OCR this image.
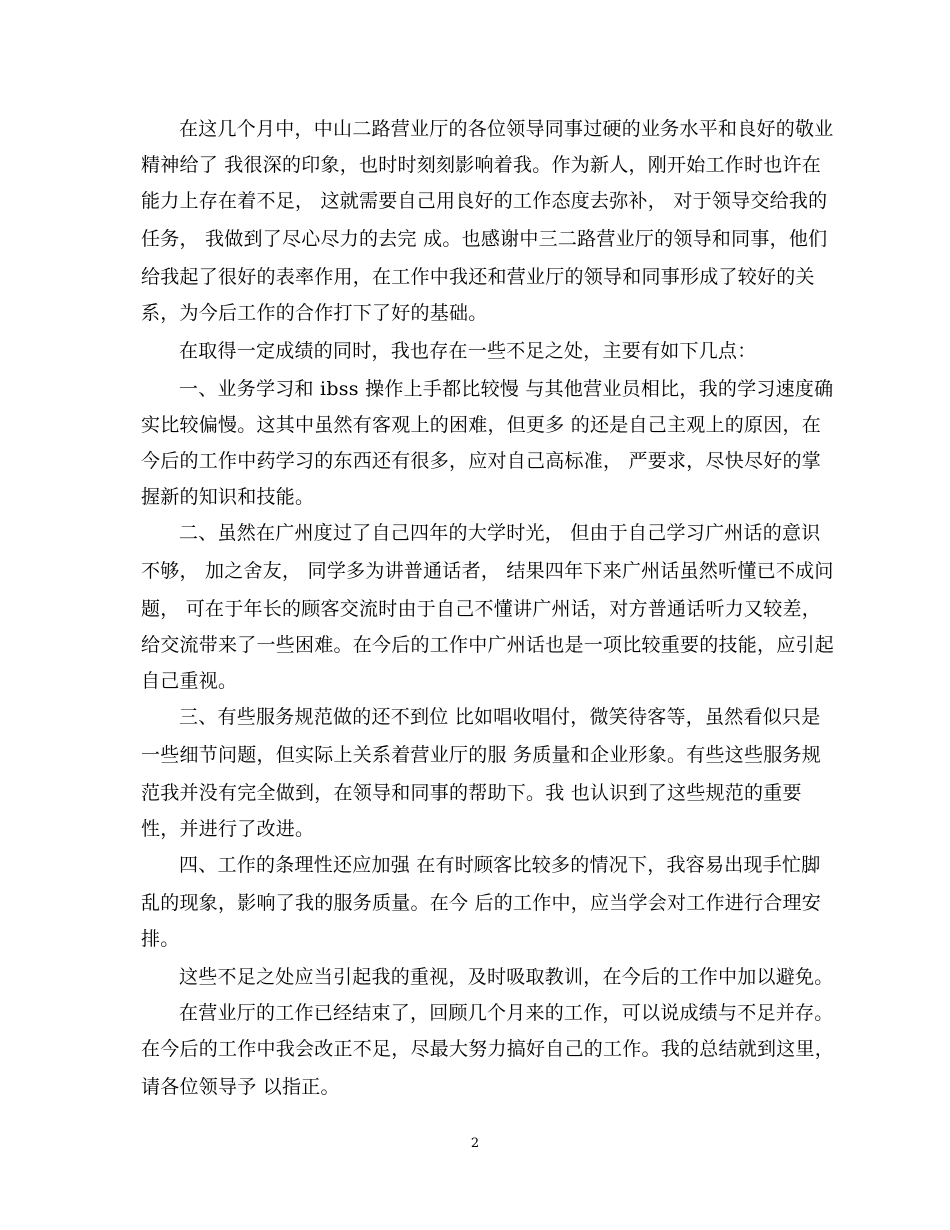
在这几个月中，中山二路营业厅的各位领导同事过硬的业务水平和良好的敬业
精神给了 我很深的印象，也时时刻刻影响着我。作为新人，刚开始工作时也许在
能力上存在着不足， 这就需要自己用良好的工作态度去弥补， 对于领导交给我的
任务， 我做到了尽心尽力的去完 成。也感谢中三二路营业厅的领导和同事，他们
给我起了很好的表率作用，在工作中我还和营业厅的领导和同事形成了较好的关
系，为今后工作的合作打下了好的基础。
在取得一定成绩的同时，我也存在一些不足之处，主要有如下几点：
一、业务学习和 ibss 操作上手都比较慢 与其他营业员相比，我的学习速度确
实比较偏慢。这其中虽然有客观上的困难，但更多 的还是自己主观上的原因，在
今后的工作中药学习的东西还有很多，应对自己高标准， 严要求，尽快尽好的掌
握新的知识和技能。
二、虽然在广州度过了自己四年的大学时光， 但由于自己学习广州话的意识
不够， 加之舍友， 同学多为讲普通话者， 结果四年下来广州话虽然听懂已不成问
题， 可在于年长的顾客交流时由于自己不懂讲广州话，对方普通话听力又较差，
给交流带来了一些困难。在今后的工作中广州话也是一项比较重要的技能，应引起
自己重视。
三、有些服务规范做的还不到位 比如唱收唱付，微笑待客等，虽然看似只是
一些细节问题，但实际上关系着营业厅的服 务质量和企业形象。有些这些服务规
范我并没有完全做到，在领导和同事的帮助下。我 也认识到了这些规范的重要
性，并进行了改进。
四、工作的条理性还应加强 在有时顾客比较多的情况下，我容易出现手忙脚
乱的现象，影响了我的服务质量。在今 后的工作中，应当学会对工作进行合理安
排。
这些不足之处应当引起我的重视，及时吸取教训，在今后的工作中加以避免。
在营业厅的工作已经结束了，回顾几个月来的工作，可以说成绩与不足并存。
在今后的工作中我会改正不足，尽最大努力搞好自己的工作。我的总结就到这里，
请各位领导予 以指正。
2
